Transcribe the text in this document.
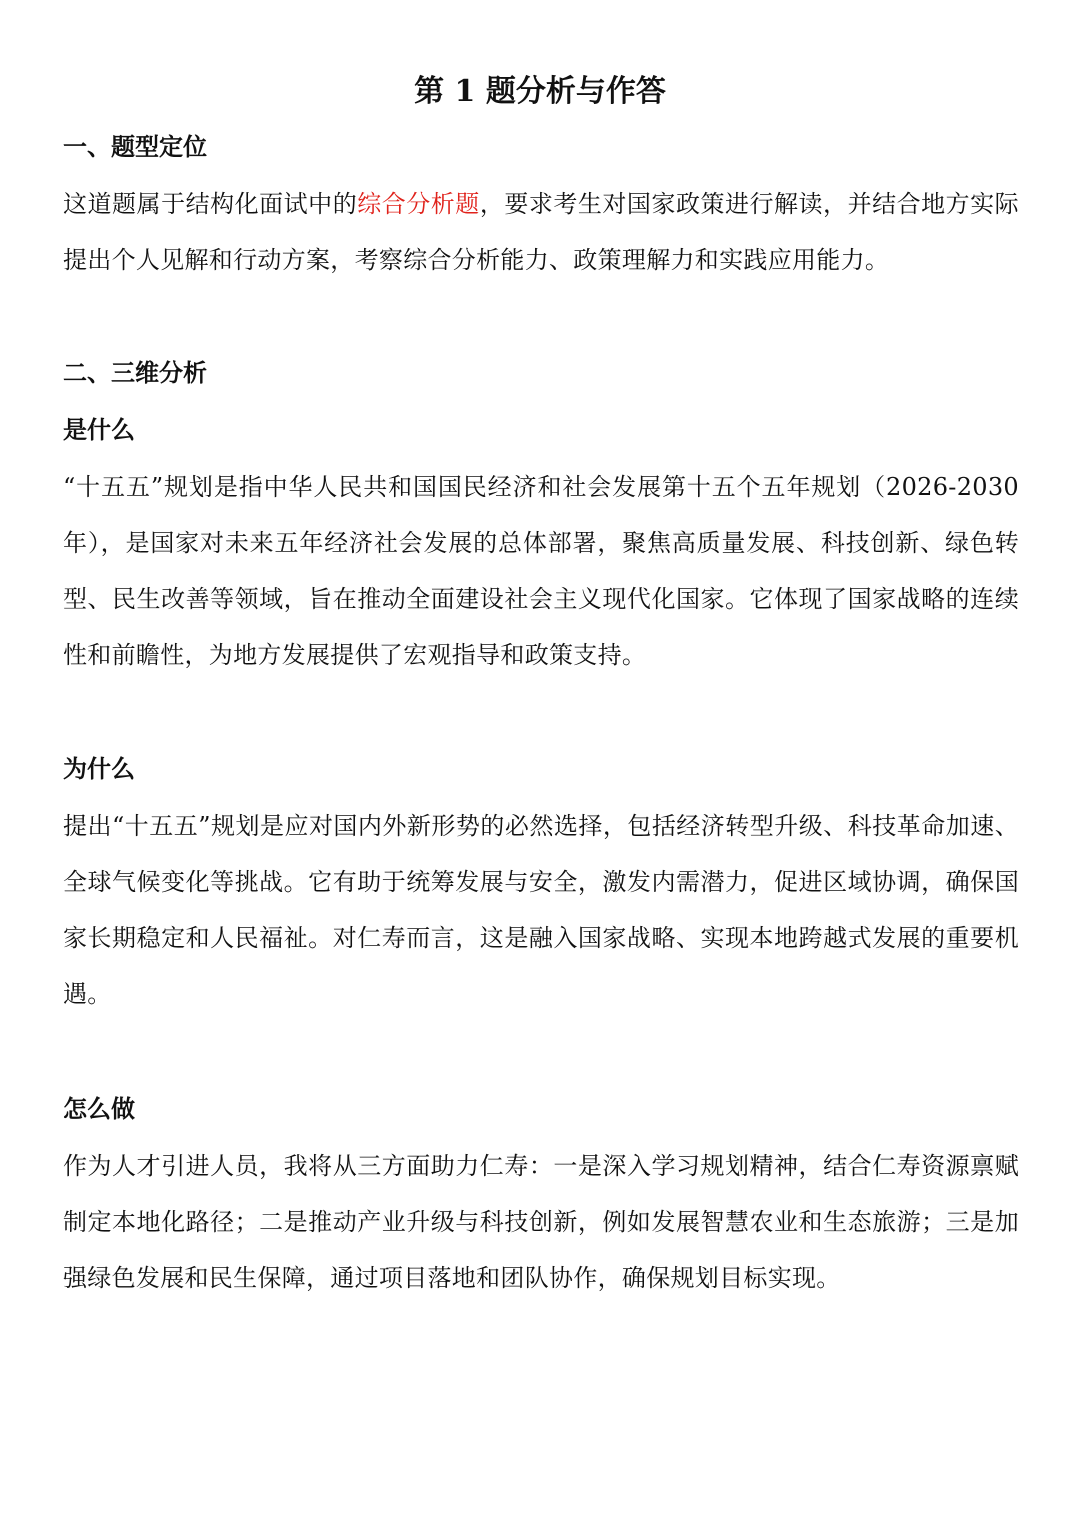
第 1 题分析与作答
一、题型定位

这道题属于结构化面试中的综合分析题，要求考生对国家政策进行解读，并结合地方实际提出个人见解和行动方案，考察综合分析能力、政策理解力和实践应用能力。

二、三维分析
是什么

“十五五”规划是指中华人民共和国国民经济和社会发展第十五个五年规划（2026-2030年），是国家对未来五年经济社会发展的总体部署，聚焦高质量发展、科技创新、绿色转型、民生改善等领域，旨在推动全面建设社会主义现代化国家。它体现了国家战略的连续性和前瞻性，为地方发展提供了宏观指导和政策支持。

为什么

提出“十五五”规划是应对国内外新形势的必然选择，包括经济转型升级、科技革命加速、全球气候变化等挑战。它有助于统筹发展与安全，激发内需潜力，促进区域协调，确保国家长期稳定和人民福祉。对仁寿而言，这是融入国家战略、实现本地跨越式发展的重要机遇。

怎么做

作为人才引进人员，我将从三方面助力仁寿：一是深入学习规划精神，结合仁寿资源禀赋制定本地化路径；二是推动产业升级与科技创新，例如发展智慧农业和生态旅游；三是加强绿色发展和民生保障，通过项目落地和团队协作，确保规划目标实现。
